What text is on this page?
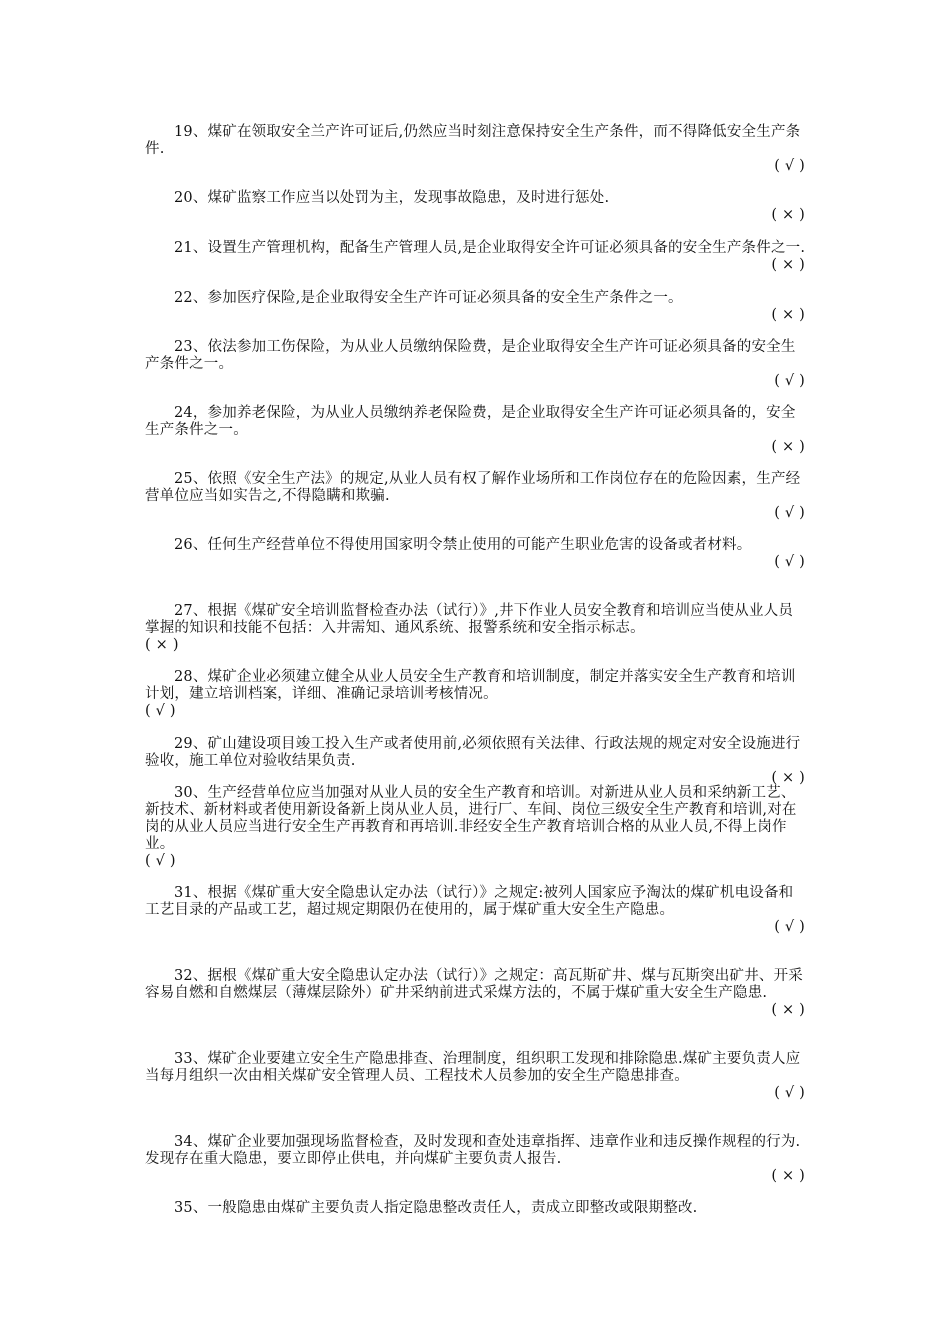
19、煤矿在领取安全兰产许可证后,仍然应当时刻注意保持安全生产条件，而不得降低安全生产条件.
( √ )
20、煤矿监察工作应当以处罚为主，发现事故隐患，及时进行惩处.
( × )
21、设置生产管理机构，配备生产管理人员,是企业取得安全许可证必须具备的安全生产条件之一.
( × )
22、参加医疗保险,是企业取得安全生产许可证必须具备的安全生产条件之一。
( × )
23、依法参加工伤保险，为从业人员缴纳保险费，是企业取得安全生产许可证必须具备的安全生产条件之一。
( √ )
24，参加养老保险，为从业人员缴纳养老保险费，是企业取得安全生产许可证必须具备的，安全生产条件之一。
( × )
25、依照《安全生产法》的规定,从业人员有权了解作业场所和工作岗位存在的危险因素，生产经营单位应当如实告之,不得隐瞒和欺骗.
( √ )
26、任何生产经营单位不得使用国家明令禁止使用的可能产生职业危害的设备或者材料。
( √ )
27、根据《煤矿安全培训监督检查办法（试行）》,井下作业人员安全教育和培训应当使从业人员掌握的知识和技能不包括：入井需知、通风系统、报警系统和安全指示标志。
( × )
28、煤矿企业必须建立健全从业人员安全生产教育和培训制度，制定并落实安全生产教育和培训计划，建立培训档案，详细、准确记录培训考核情况。
( √ )
29、矿山建设项目竣工投入生产或者使用前,必须依照有关法律、行政法规的规定对安全设施进行验收，施工单位对验收结果负责.
( × )
30、生产经营单位应当加强对从业人员的安全生产教育和培训。对新进从业人员和采纳新工艺、新技术、新材料或者使用新设备新上岗从业人员，进行厂、车间、岗位三级安全生产教育和培训,对在岗的从业人员应当进行安全生产再教育和再培训.非经安全生产教育培训合格的从业人员,不得上岗作业。
( √ )
31、根据《煤矿重大安全隐患认定办法（试行）》之规定:被列人国家应予淘汰的煤矿机电设备和工艺目录的产品或工艺，超过规定期限仍在使用的，属于煤矿重大安全生产隐患。
( √ )
32、据根《煤矿重大安全隐患认定办法（试行）》之规定：高瓦斯矿井、煤与瓦斯突出矿井、开采容易自燃和自燃煤层（薄煤层除外）矿井采纳前进式采煤方法的，不属于煤矿重大安全生产隐患.
( × )
33、煤矿企业要建立安全生产隐患排查、治理制度，组织职工发现和排除隐患.煤矿主要负责人应当每月组织一次由相关煤矿安全管理人员、工程技术人员参加的安全生产隐患排查。
( √ )
34、煤矿企业要加强现场监督检查，及时发现和查处违章指挥、违章作业和违反操作规程的行为.发现存在重大隐患，要立即停止供电，并向煤矿主要负责人报告.
( × )
35、一般隐患由煤矿主要负责人指定隐患整改责任人，责成立即整改或限期整改.
